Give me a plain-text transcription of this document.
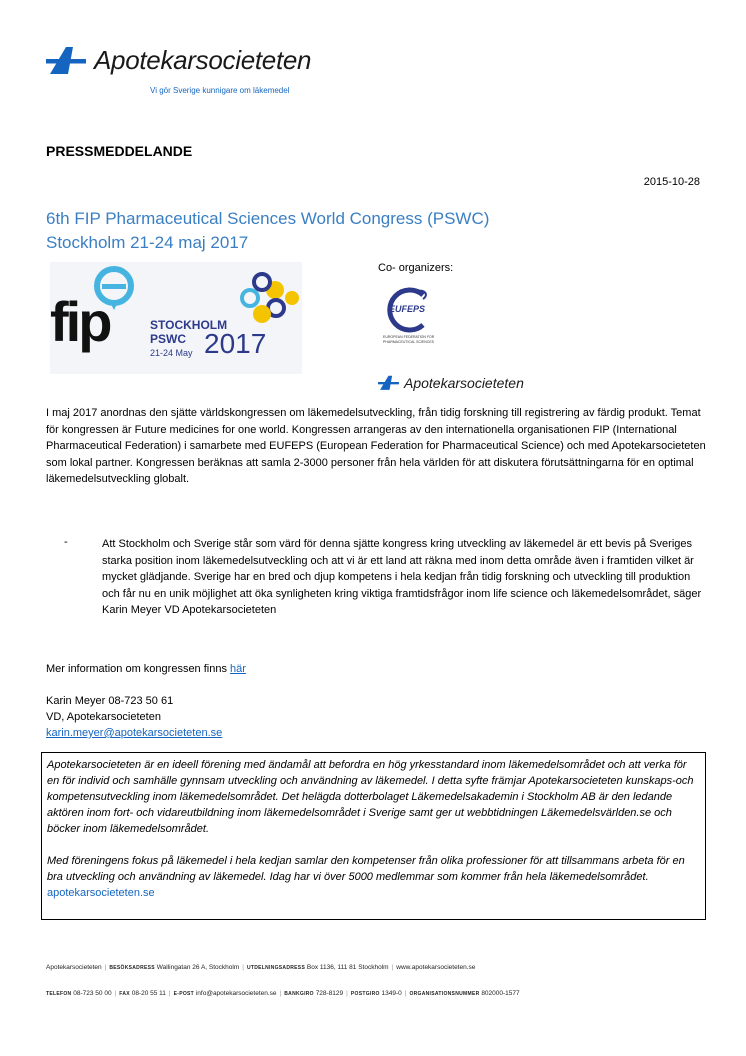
Apotekarsocieteten
Vi gör Sverige kunnigare om läkemedel
PRESSMEDDELANDE
2015-10-28
6th FIP Pharmaceutical Sciences World Congress (PSWC)
Stockholm 21-24 maj 2017
fip	STOCKHOLM
PSWC
21-24 May 2017
Co- organizers:
EUFEPS
EUROPEAN FEDERATION FOR PHARMACEUTICAL SCIENCES
Apotekarsocieteten
I maj 2017 anordnas den sjätte världskongressen om läkemedelsutveckling, från tidig forskning till registrering av färdig produkt. Temat för kongressen är Future medicines for one world. Kongressen arrangeras av den internationella organisationen FIP (International Pharmaceutical Federation) i samarbete med EUFEPS (European Federation for Pharmaceutical Science) och med Apotekarsocieteten som lokal partner. Kongressen beräknas att samla 2-3000 personer från hela världen för att diskutera förutsättningarna för en optimal läkemedelsutveckling globalt.
-	Att Stockholm och Sverige står som värd för denna sjätte kongress kring utveckling av läkemedel är ett bevis på Sveriges starka position inom läkemedelsutveckling och att vi är ett land att räkna med inom detta område även i framtiden vilket är mycket glädjande. Sverige har en bred och djup kompetens i hela kedjan från tidig forskning och utveckling till produktion och får nu en unik möjlighet att öka synligheten kring viktiga framtidsfrågor inom life science och läkemedelsområdet, säger Karin Meyer VD Apotekarsocieteten
Mer information om kongressen finns här
Karin Meyer 08-723 50 61
VD, Apotekarsocieteten
karin.meyer@apotekarsocieteten.se
Apotekarsocieteten är en ideell förening med ändamål att befordra en hög yrkesstandard inom läkemedelsområdet och att verka för en för individ och samhälle gynnsam utveckling och användning av läkemedel. I detta syfte främjar Apotekarsocieteten kunskaps-och kompetensutveckling inom läkemedelsområdet. Det helägda dotterbolaget Läkemedelsakademin i Stockholm AB är den ledande aktören inom fort- och vidareutbildning inom läkemedelsområdet i Sverige samt ger ut webbtidningen Läkemedelsvärlden.se och böcker inom läkemedelsområdet.
Med föreningens fokus på läkemedel i hela kedjan samlar den kompetenser från olika professioner för att tillsammans arbeta för en bra utveckling och användning av läkemedel. Idag har vi över 5000 medlemmar som kommer från hela läkemedelsområdet.
apotekarsocieteten.se
Apotekarsocieteten | BESÖKSADRESS Wallingatan 26 A, Stockholm | UTDELNINGSADRESS Box 1136, 111 81 Stockholm | www.apotekarsocieteten.se
TELEFON 08-723 50 00 | FAX 08-20 55 11 | E-POST info@apotekarsocieteten.se | BANKGIRO 728-8129 | POSTGIRO 1349-0 | ORGANISATIONSNUMMER 802000-1577
